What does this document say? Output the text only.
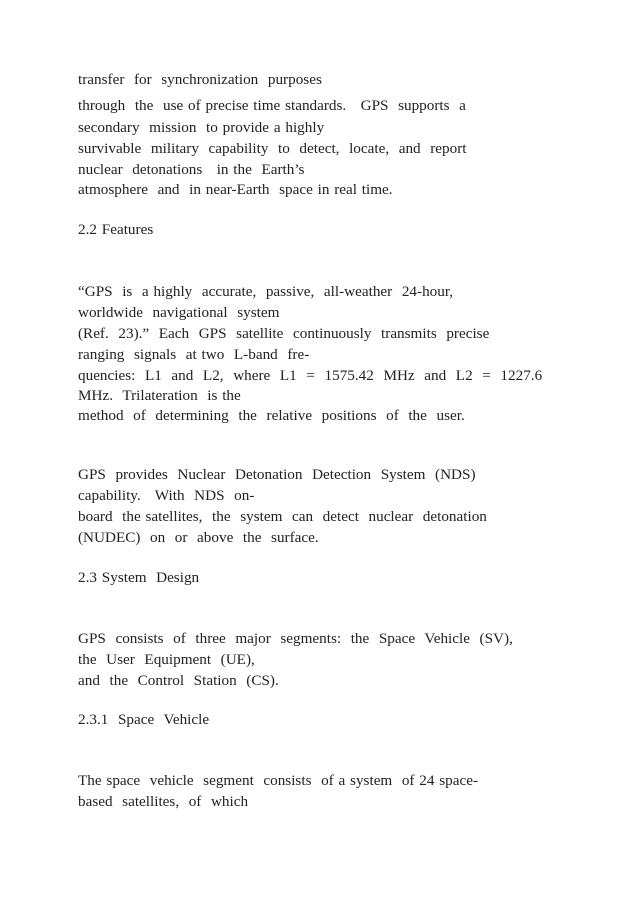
transfer  for  synchronization  purposes

through  the  use of precise time standards.   GPS  supports  a

secondary  mission  to provide a highly

survivable  military  capability  to  detect,  locate,  and  report

nuclear  detonations   in the  Earth’s

atmosphere  and  in near-Earth  space in real time.

2.2 Features

“GPS  is  a highly  accurate,  passive,  all-weather  24-hour,

worldwide  navigational  system

(Ref.  23).”  Each  GPS  satellite  continuously  transmits  precise

ranging  signals  at two  L-band  fre-

quencies:  L1  and  L2,  where  L1  =  1575.42  MHz  and  L2  =  1227.6

MHz.  Trilateration  is the

method  of  determining  the  relative  positions  of  the  user.

GPS  provides  Nuclear  Detonation  Detection  System  (NDS)

capability.   With  NDS  on-

board  the satellites,  the  system  can  detect  nuclear  detonation

(NUDEC)  on  or  above  the  surface.

2.3 System  Design

GPS  consists  of  three  major  segments:  the  Space  Vehicle  (SV),

the  User  Equipment  (UE),

and  the  Control  Station  (CS).

2.3.1  Space  Vehicle

The space  vehicle  segment  consists  of a system  of 24 space-

based  satellites,  of  which
